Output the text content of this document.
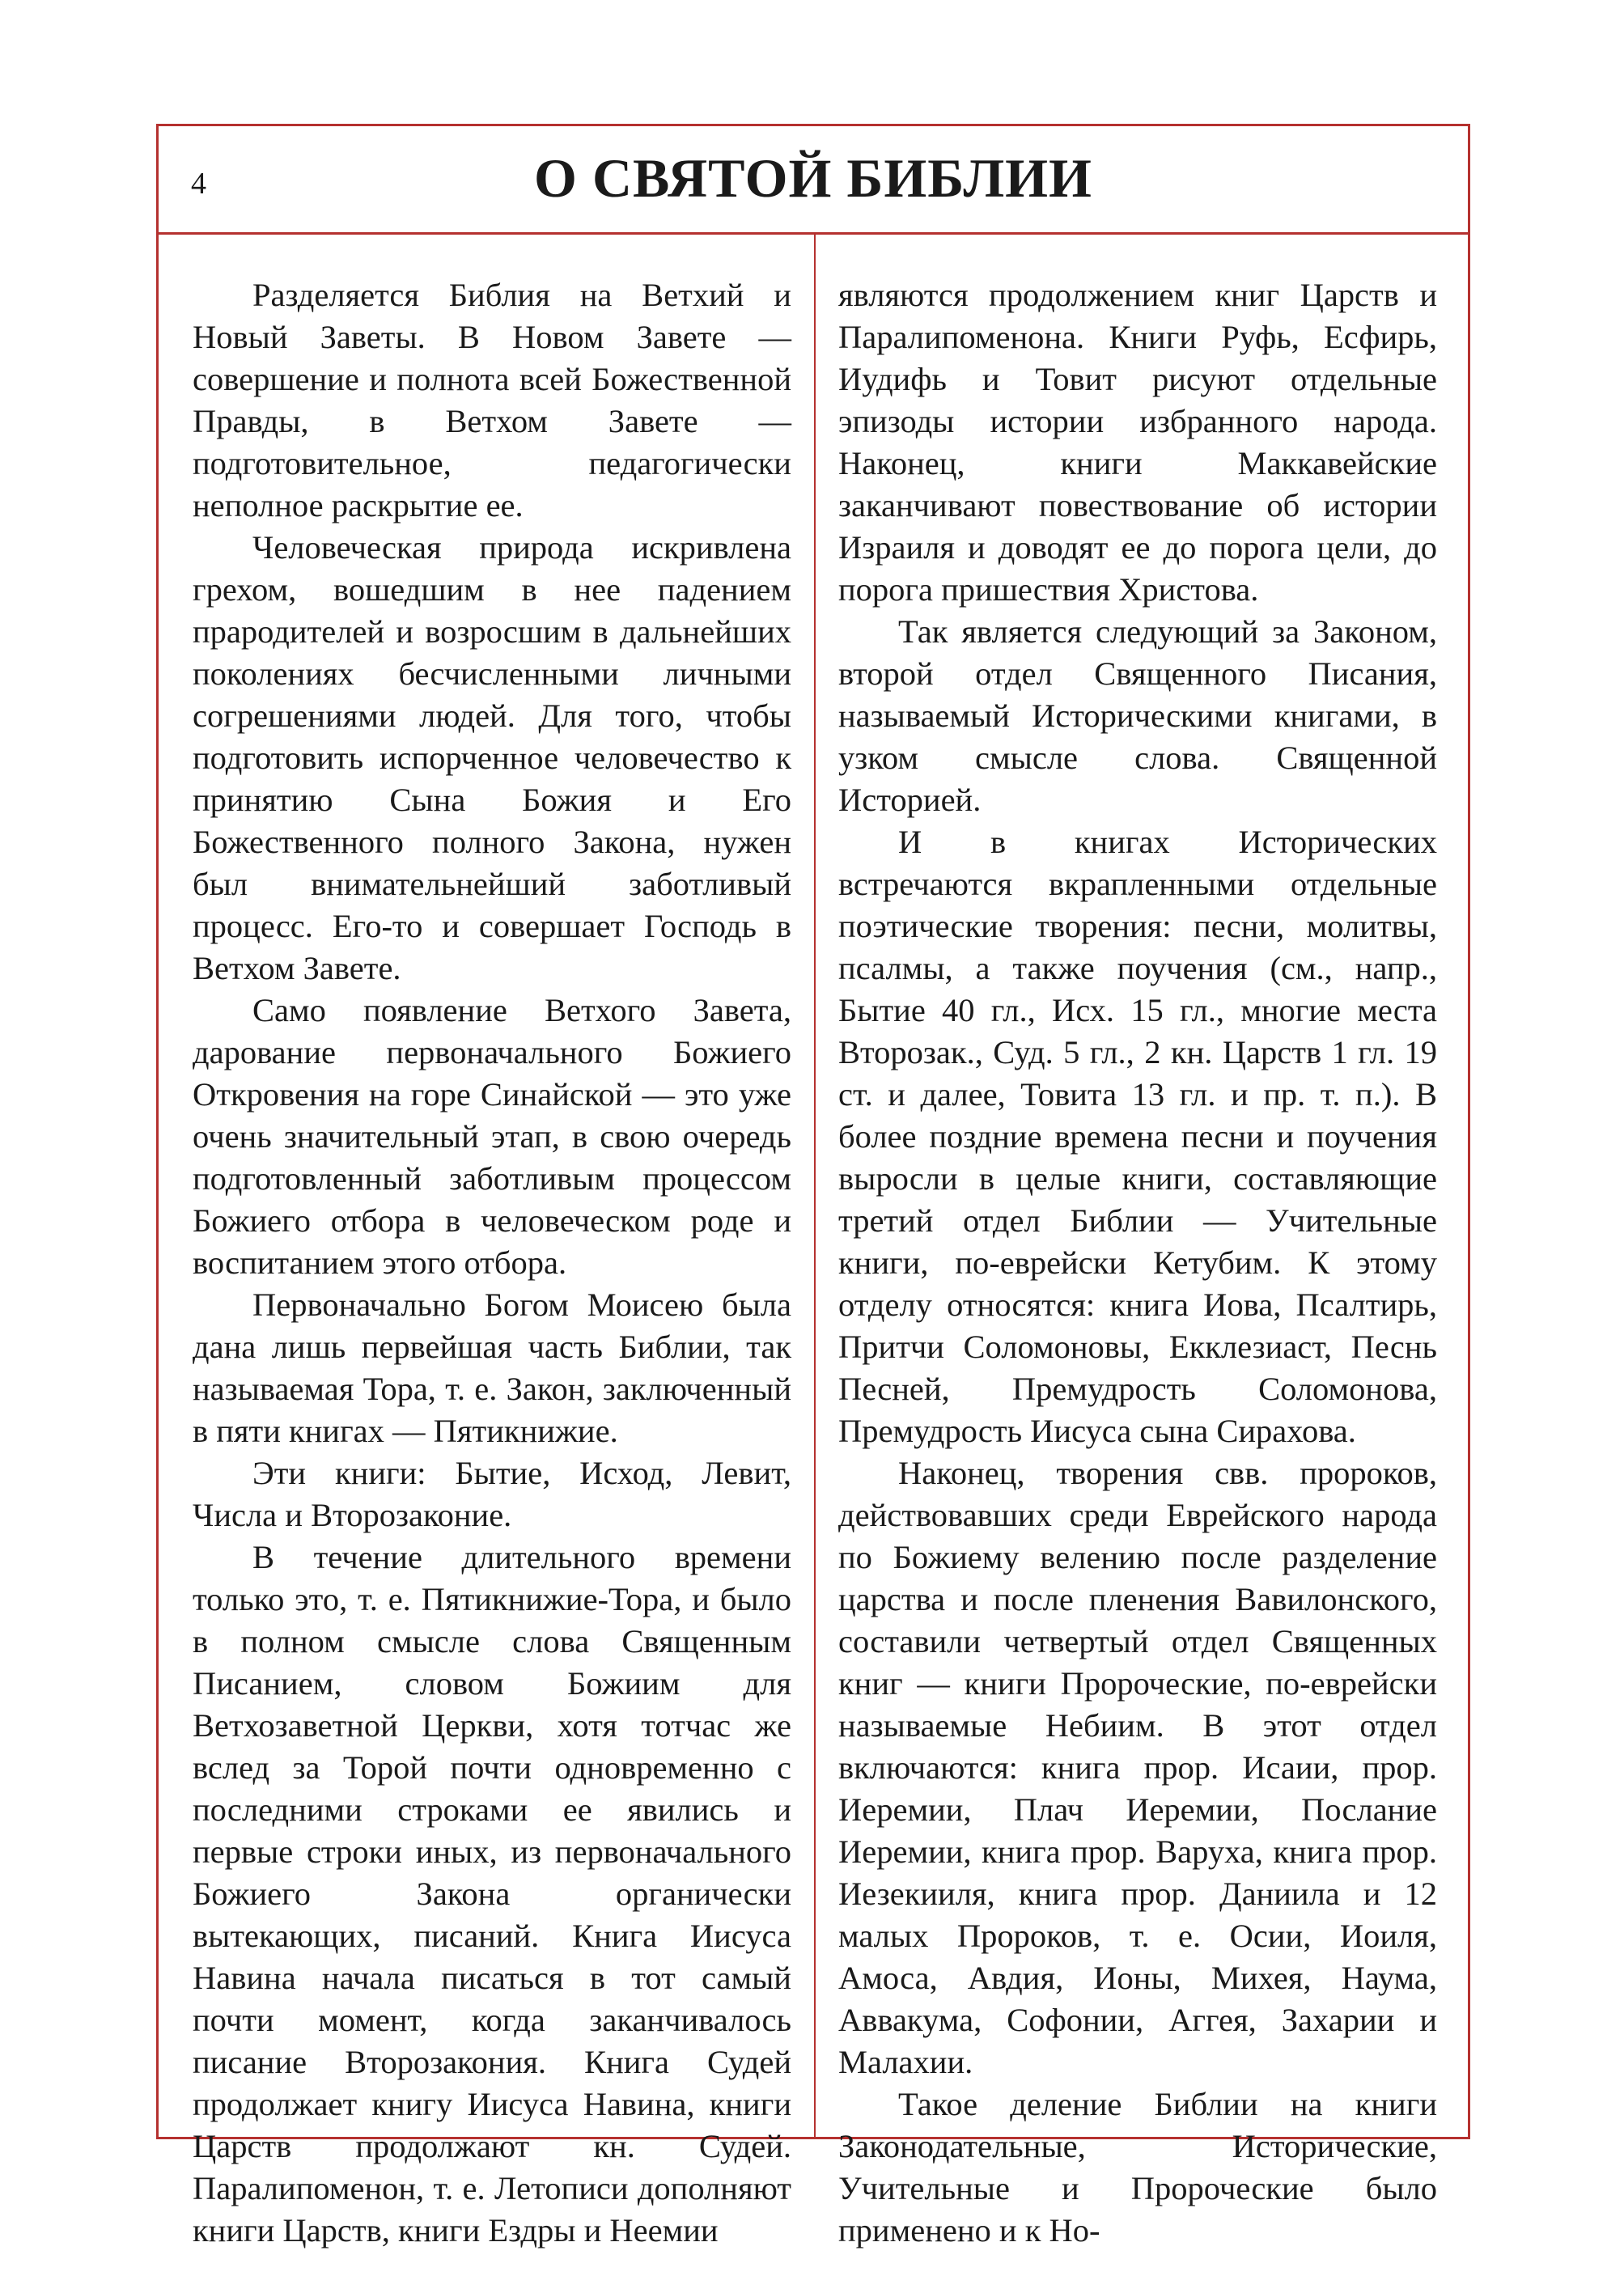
4	О СВЯТОЙ БИБЛИИ

Разделяется Библия на Ветхий и Новый Заветы. В Новом Завете — совершение и полнота всей Божественной Правды, в Ветхом Завете — подготовительное, педагогически неполное раскрытие ее.

Человеческая природа искривлена грехом, вошедшим в нее падением прародителей и возросшим в дальнейших поколениях бесчисленными личными согрешениями людей. Для того, чтобы подготовить испорченное человечество к принятию Сына Божия и Его Божественного полного Закона, нужен был внимательнейший заботливый процесс. Его-то и совершает Господь в Ветхом Завете.

Само появление Ветхого Завета, дарование первоначального Божиего Откровения на горе Синайской — это уже очень значительный этап, в свою очередь подготовленный заботливым процессом Божиего отбора в человеческом роде и воспитанием этого отбора.

Первоначально Богом Моисею была дана лишь первейшая часть Библии, так называемая Тора, т. е. Закон, заключенный в пяти книгах — Пятикнижие.

Эти книги: Бытие, Исход, Левит, Числа и Второзаконие.

В течение длительного времени только это, т. е. Пятикнижие-Тора, и было в полном смысле слова Священным Писанием, словом Божиим для Ветхозаветной Церкви, хотя тотчас же вслед за Торой почти одновременно с последними строками ее явились и первые строки иных, из первоначального Божиего Закона органически вытекающих, писаний. Книга Иисуса Навина начала писаться в тот самый почти момент, когда заканчивалось писание Второзакония. Книга Судей продолжает книгу Иисуса Навина, книги Царств продолжают кн. Судей. Паралипоменон, т. е. Летописи дополняют книги Царств, книги Ездры и Неемии

являются продолжением книг Царств и Паралипоменона. Книги Руфь, Есфирь, Иудифь и Товит рисуют отдельные эпизоды истории избранного народа. Наконец, книги Маккавейские заканчивают повествование об истории Израиля и доводят ее до порога цели, до порога пришествия Христова.

Так является следующий за Законом, второй отдел Священного Писания, называемый Историческими книгами, в узком смысле слова. Священной Историей.

И в книгах Исторических встречаются вкрапленными отдельные поэтические творения: песни, молитвы, псалмы, а также поучения (см., напр., Бытие 40 гл., Исх. 15 гл., многие места Второзак., Суд. 5 гл., 2 кн. Царств 1 гл. 19 ст. и далее, Товита 13 гл. и пр. т. п.). В более поздние времена песни и поучения выросли в целые книги, составляющие третий отдел Библии — Учительные книги, по-еврейски Кетубим. К этому отделу относятся: книга Иова, Псалтирь, Притчи Соломоновы, Екклезиаст, Песнь Песней, Премудрость Соломонова, Премудрость Иисуса сына Сирахова.

Наконец, творения свв. пророков, действовавших среди Еврейского народа по Божиему велению после разделение царства и после пленения Вавилонского, составили четвертый отдел Священных книг — книги Пророческие, по-еврейски называемые Небиим. В этот отдел включаются: книга прор. Исаии, прор. Иеремии, Плач Иеремии, Послание Иеремии, книга прор. Варуха, книга прор. Иезекииля, книга прор. Даниила и 12 малых Пророков, т. е. Осии, Иоиля, Амоса, Авдия, Ионы, Михея, Наума, Аввакума, Софонии, Аггея, Захарии и Малахии.

Такое деление Библии на книги Законодательные, Исторические, Учительные и Пророческие было применено и к Но-
